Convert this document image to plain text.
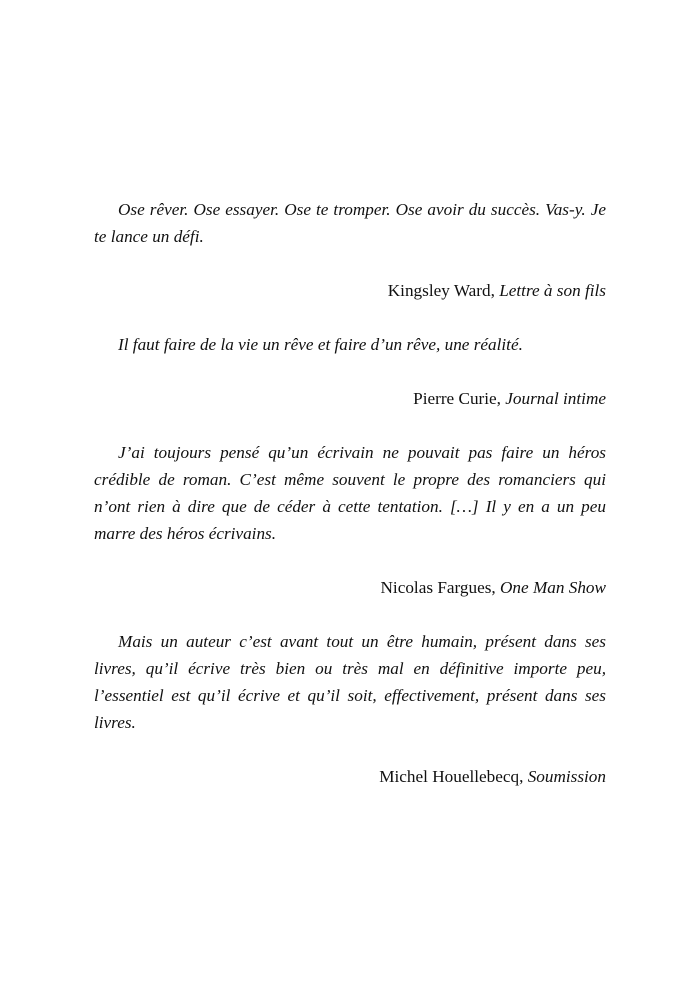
Ose rêver. Ose essayer. Ose te tromper. Ose avoir du succès. Vas-y. Je te lance un défi.

Kingsley Ward, Lettre à son fils

Il faut faire de la vie un rêve et faire d’un rêve, une réalité.

Pierre Curie, Journal intime

J’ai toujours pensé qu’un écrivain ne pouvait pas faire un héros crédible de roman. C’est même souvent le propre des romanciers qui n’ont rien à dire que de céder à cette tentation. […] Il y en a un peu marre des héros écrivains.

Nicolas Fargues, One Man Show

Mais un auteur c’est avant tout un être humain, présent dans ses livres, qu’il écrive très bien ou très mal en définitive importe peu, l’essentiel est qu’il écrive et qu’il soit, effectivement, présent dans ses livres.

Michel Houellebecq, Soumission
